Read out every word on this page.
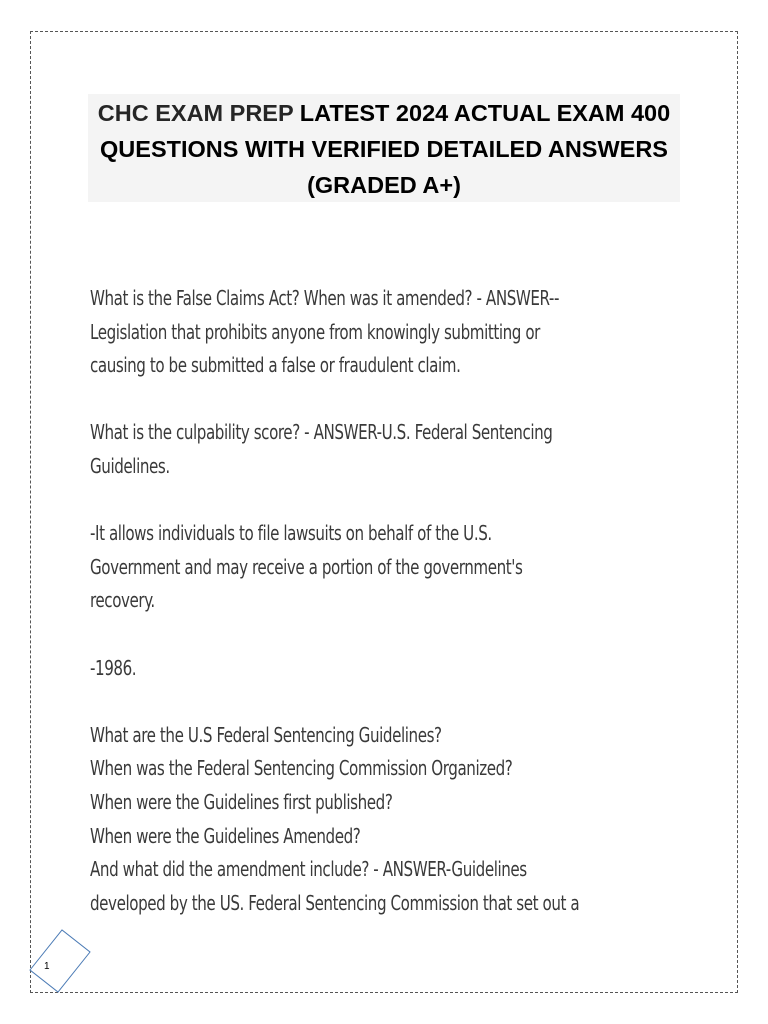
CHC EXAM PREP LATEST 2024 ACTUAL EXAM 400 QUESTIONS WITH VERIFIED DETAILED ANSWERS (GRADED A+)

What is the False Claims Act? When was it amended? - ANSWER--

Legislation that prohibits anyone from knowingly submitting or

causing to be submitted a false or fraudulent claim.

What is the culpability score? - ANSWER-U.S. Federal Sentencing

Guidelines.

-It allows individuals to file lawsuits on behalf of the U.S.

Government and may receive a portion of the government's

recovery.

-1986.

What are the U.S Federal Sentencing Guidelines?

When was the Federal Sentencing Commission Organized?

When were the Guidelines first published?

When were the Guidelines Amended?

And what did the amendment include? - ANSWER-Guidelines

developed by the US. Federal Sentencing Commission that set out a

1
